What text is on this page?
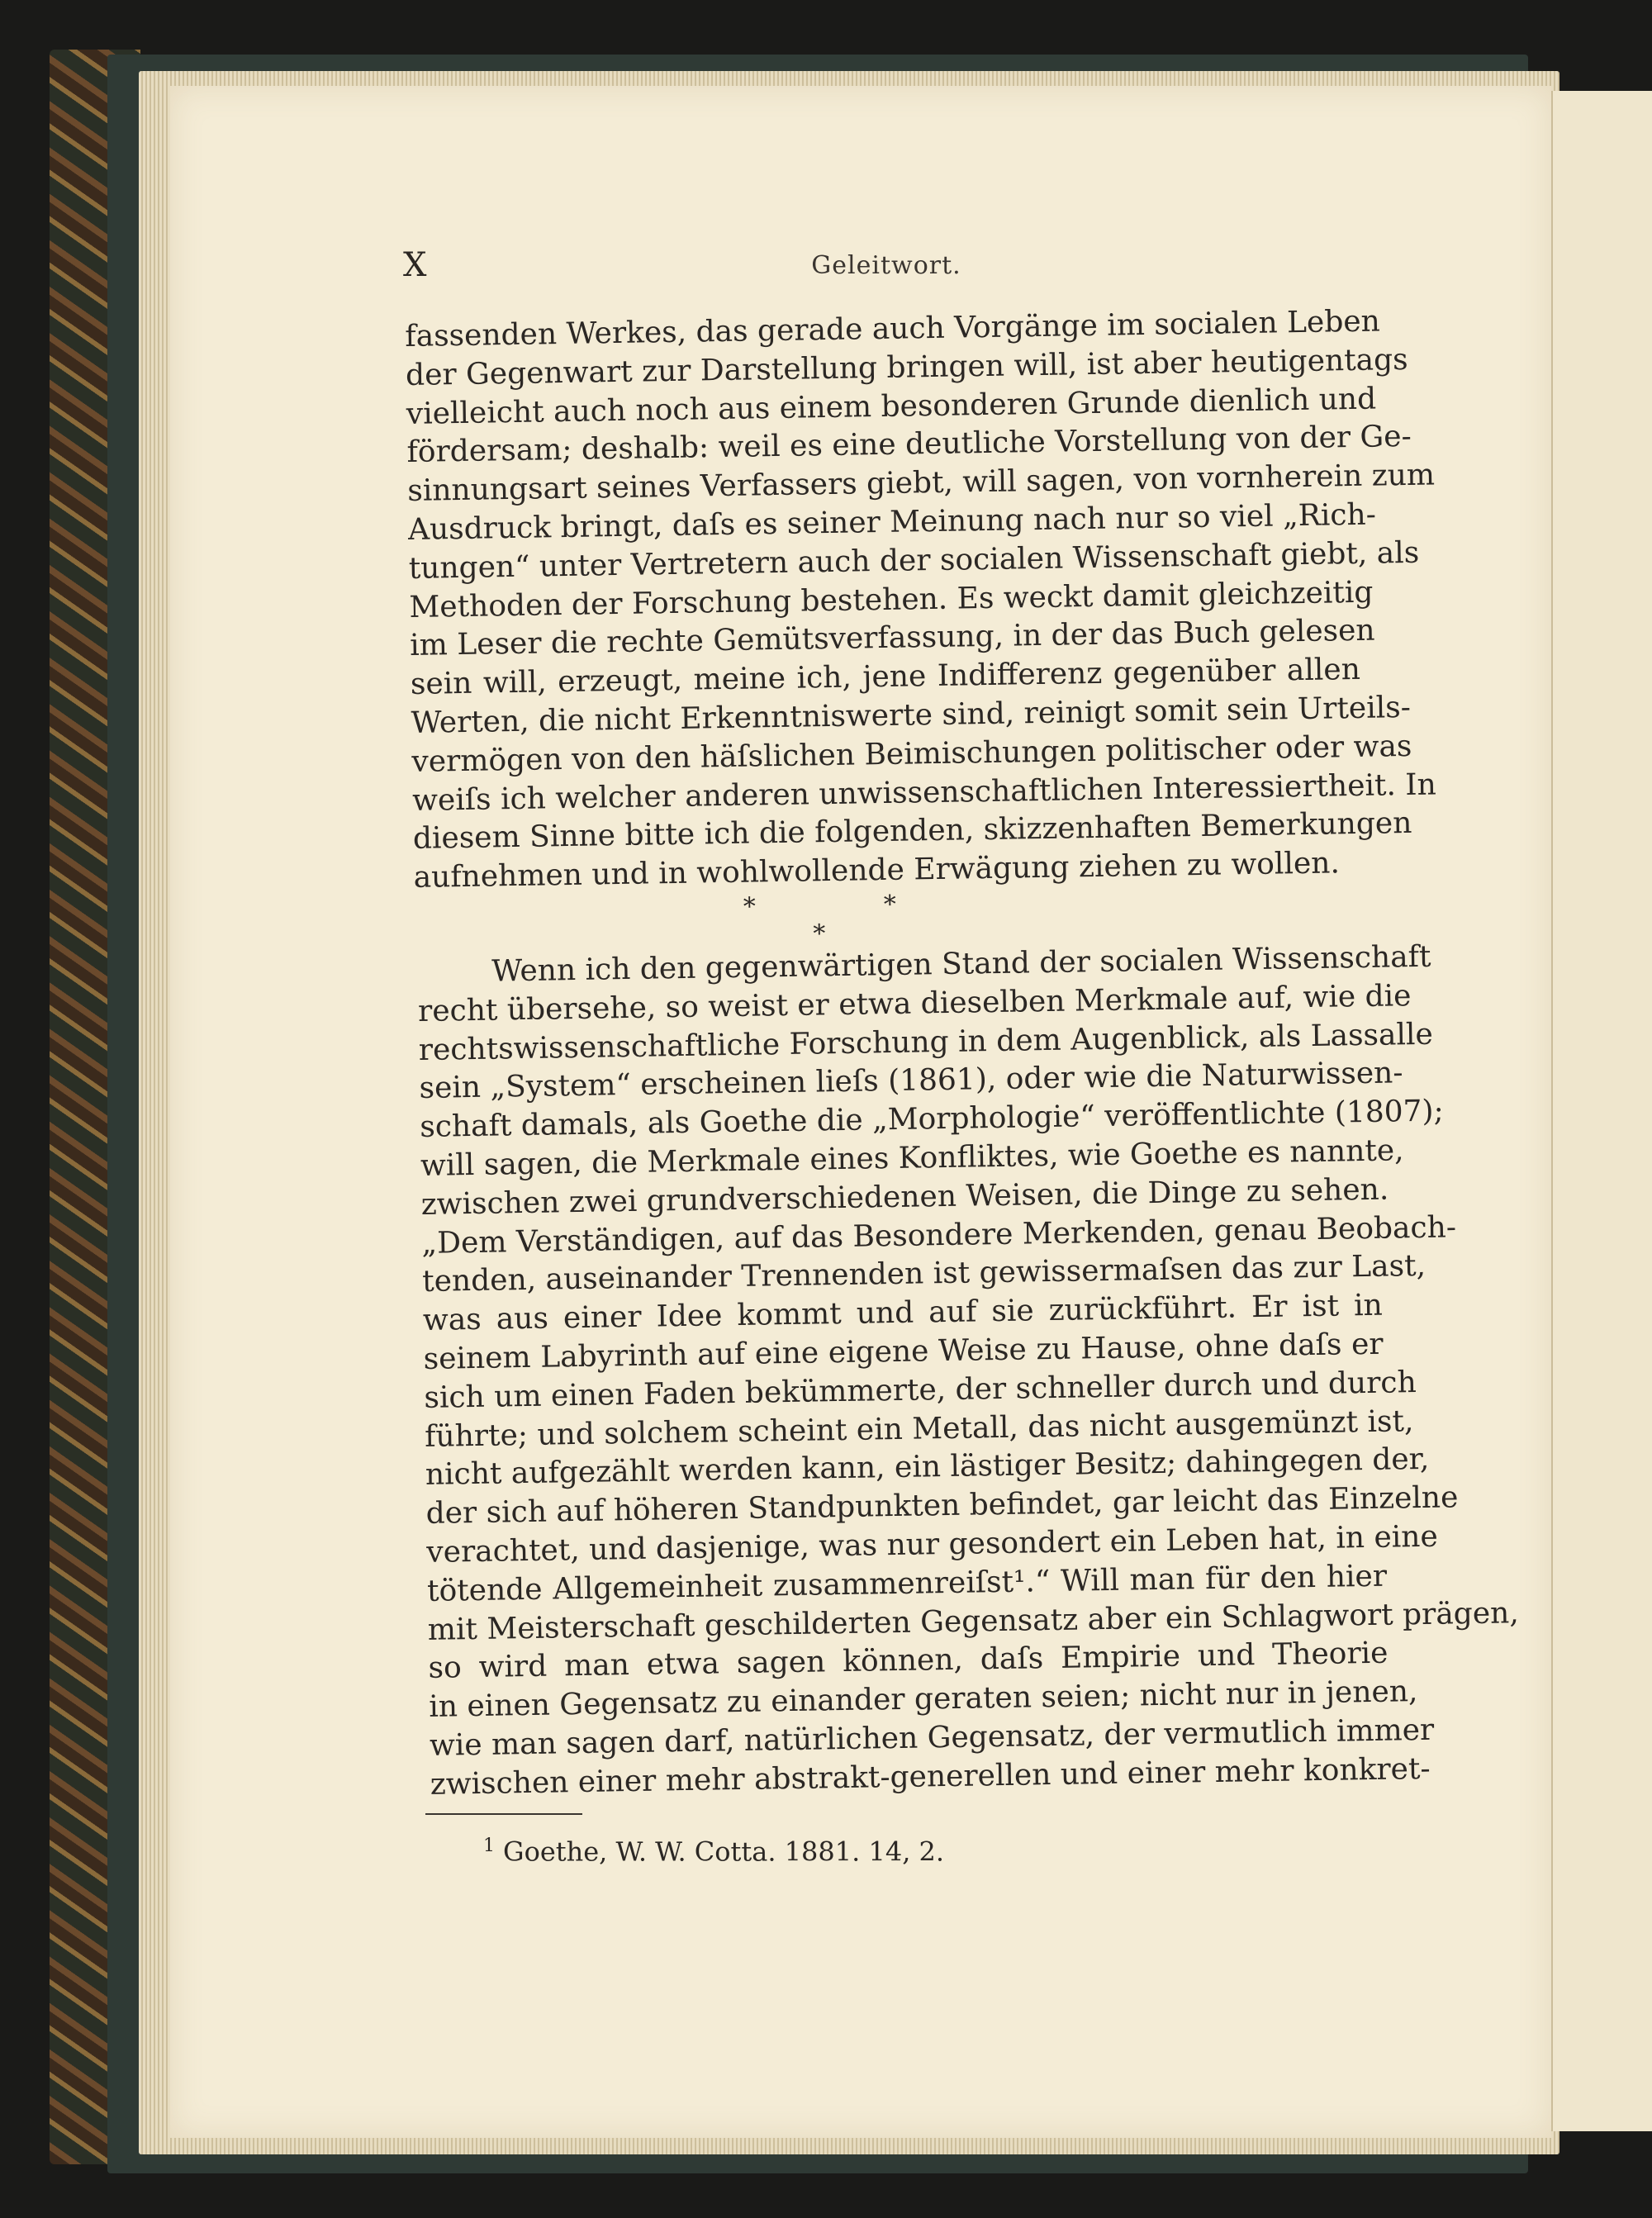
X	Geleitwort.
fassenden Werkes, das gerade auch Vorgänge im socialen Leben
der Gegenwart zur Darstellung bringen will, ist aber heutigentags
vielleicht auch noch aus einem besonderen Grunde dienlich und
fördersam; deshalb: weil es eine deutliche Vorstellung von der Ge-
sinnungsart seines Verfassers giebt, will sagen, von vornherein zum
Ausdruck bringt, daſs es seiner Meinung nach nur so viel „Rich-
tungen“ unter Vertretern auch der socialen Wissenschaft giebt, als
Methoden der Forschung bestehen. Es weckt damit gleichzeitig
im Leser die rechte Gemütsverfassung, in der das Buch gelesen
sein will, erzeugt, meine ich, jene Indifferenz gegenüber allen
Werten, die nicht Erkenntniswerte sind, reinigt somit sein Urteils-
vermögen von den häſslichen Beimischungen politischer oder was
weiſs ich welcher anderen unwissenschaftlichen Interessiertheit. In
diesem Sinne bitte ich die folgenden, skizzenhaften Bemerkungen
aufnehmen und in wohlwollende Erwägung ziehen zu wollen.
*	*
*
Wenn ich den gegenwärtigen Stand der socialen Wissenschaft
recht übersehe, so weist er etwa dieselben Merkmale auf, wie die
rechtswissenschaftliche Forschung in dem Augenblick, als Lassalle
sein „System“ erscheinen lieſs (1861), oder wie die Naturwissen-
schaft damals, als Goethe die „Morphologie“ veröffentlichte (1807);
will sagen, die Merkmale eines Konfliktes, wie Goethe es nannte,
zwischen zwei grundverschiedenen Weisen, die Dinge zu sehen.
„Dem Verständigen, auf das Besondere Merkenden, genau Beobach-
tenden, auseinander Trennenden ist gewissermaſsen das zur Last,
was aus einer Idee kommt und auf sie zurückführt. Er ist in
seinem Labyrinth auf eine eigene Weise zu Hause, ohne daſs er
sich um einen Faden bekümmerte, der schneller durch und durch
führte; und solchem scheint ein Metall, das nicht ausgemünzt ist,
nicht aufgezählt werden kann, ein lästiger Besitz; dahingegen der,
der sich auf höheren Standpunkten befindet, gar leicht das Einzelne
verachtet, und dasjenige, was nur gesondert ein Leben hat, in eine
tötende Allgemeinheit zusammenreiſst¹.“ Will man für den hier
mit Meisterschaft geschilderten Gegensatz aber ein Schlagwort prägen,
so wird man etwa sagen können, daſs Empirie und Theorie
in einen Gegensatz zu einander geraten seien; nicht nur in jenen,
wie man sagen darf, natürlichen Gegensatz, der vermutlich immer
zwischen einer mehr abstrakt-generellen und einer mehr konkret-
$^1$ Goethe, W. W. Cotta. 1881. 14, 2.
